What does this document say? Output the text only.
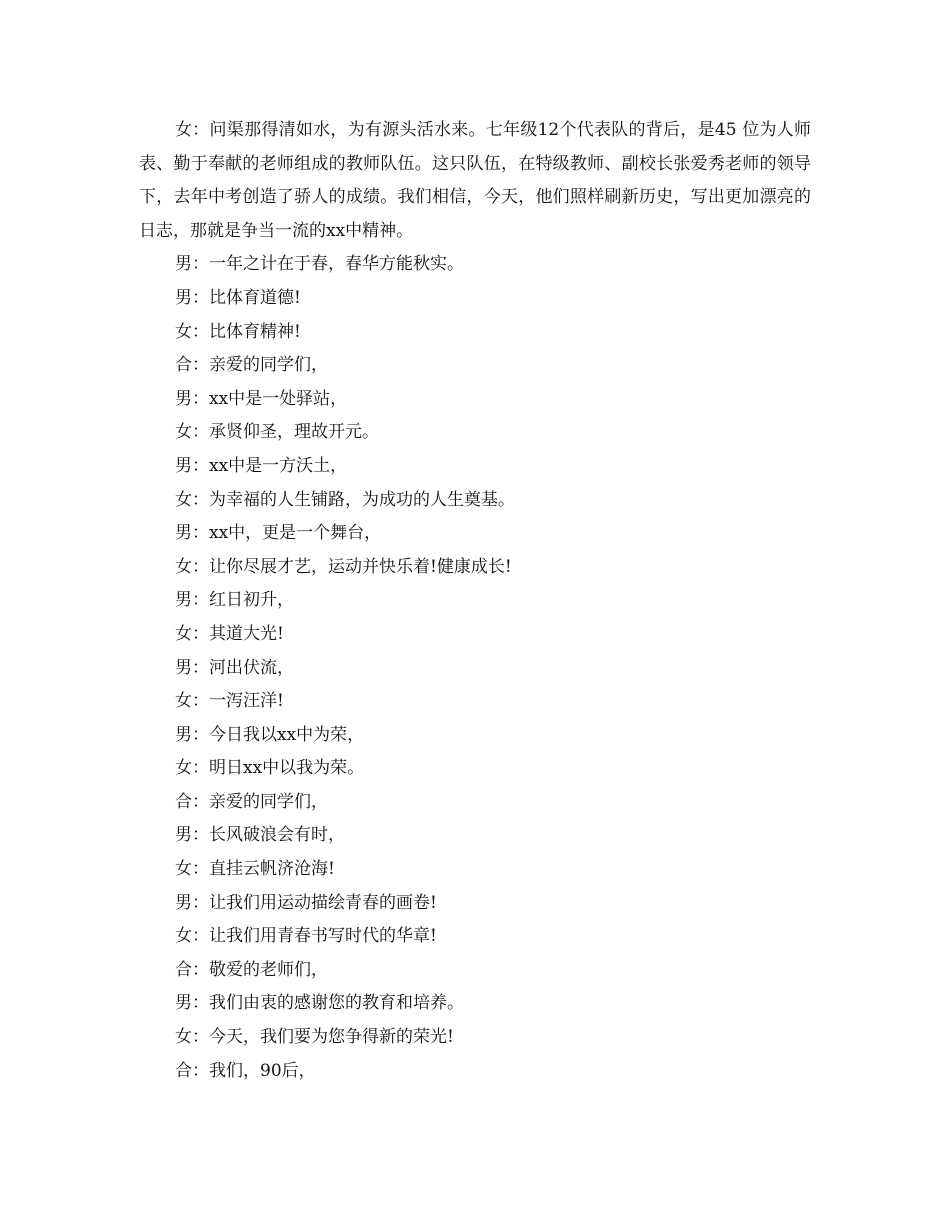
女：问渠那得清如水，为有源头活水来。七年级12个代表队的背后，是45 位为人师表、勤于奉献的老师组成的教师队伍。这只队伍，在特级教师、副校长张爱秀老师的领导下，去年中考创造了骄人的成绩。我们相信，今天，他们照样刷新历史，写出更加漂亮的日志，那就是争当一流的xx中精神。

男：一年之计在于春，春华方能秋实。

男：比体育道德!

女：比体育精神!

合：亲爱的同学们，

男：xx中是一处驿站，

女：承贤仰圣，理故开元。

男：xx中是一方沃土，

女：为幸福的人生铺路，为成功的人生奠基。

男：xx中，更是一个舞台，

女：让你尽展才艺，运动并快乐着!健康成长!

男：红日初升，

女：其道大光!

男：河出伏流，

女：一泻汪洋!

男：今日我以xx中为荣，

女：明日xx中以我为荣。

合：亲爱的同学们，

男：长风破浪会有时，

女：直挂云帆济沧海!

男：让我们用运动描绘青春的画卷!

女：让我们用青春书写时代的华章!

合：敬爱的老师们，

男：我们由衷的感谢您的教育和培养。

女：今天，我们要为您争得新的荣光!

合：我们，90后，
